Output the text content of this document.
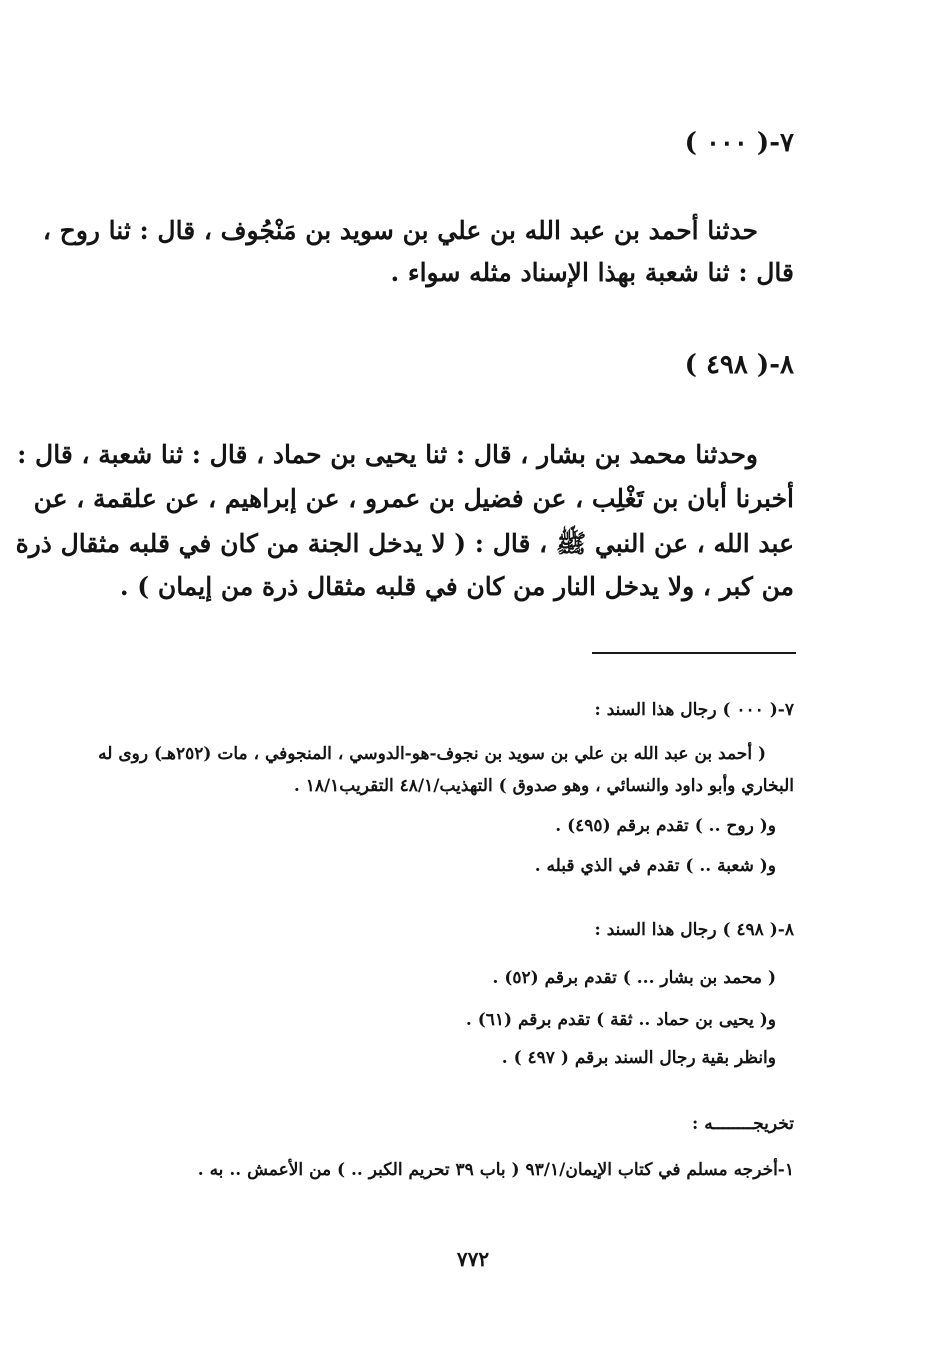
٧-( ٠٠٠ )
حدثنا أحمد بن عبد الله بن علي بن سويد بن مَنْجُوف ، قال : ثنا روح ،
قال : ثنا شعبة بهذا الإسناد مثله سواء .
٨-( ٤٩٨ )
وحدثنا محمد بن بشار ، قال : ثنا يحيى بن حماد ، قال : ثنا شعبة ، قال :
أخبرنا أبان بن تَغْلِب ، عن فضيل بن عمرو ، عن إبراهيم ، عن علقمة ، عن
عبد الله ، عن النبي ﷺ ، قال : ( لا يدخل الجنة من كان في قلبه مثقال ذرة
من كبر ، ولا يدخل النار من كان في قلبه مثقال ذرة من إيمان ) .
٧-( ٠٠٠ ) رجال هذا السند :
( أحمد بن عبد الله بن علي بن سويد بن نجوف-هو-الدوسي ، المنجوفي ، مات (٢٥٢هـ) روى له
البخاري وأبو داود والنسائي ، وهو صدوق ) التهذيب/٤٨/١ التقريب١٨/١ .
و( روح .. ) تقدم برقم (٤٩٥) .
و( شعبة .. ) تقدم في الذي قبله .
٨-( ٤٩٨ ) رجال هذا السند :
( محمد بن بشار ... ) تقدم برقم (٥٢) .
و( يحيى بن حماد .. ثقة ) تقدم برقم (٦١) .
وانظر بقية رجال السند برقم ( ٤٩٧ ) .
تخريجــــــــه :
١-أخرجه مسلم في كتاب الإيمان/٩٣/١ ( باب ٣٩ تحريم الكبر .. ) من الأعمش .. به .
٧٧٢
